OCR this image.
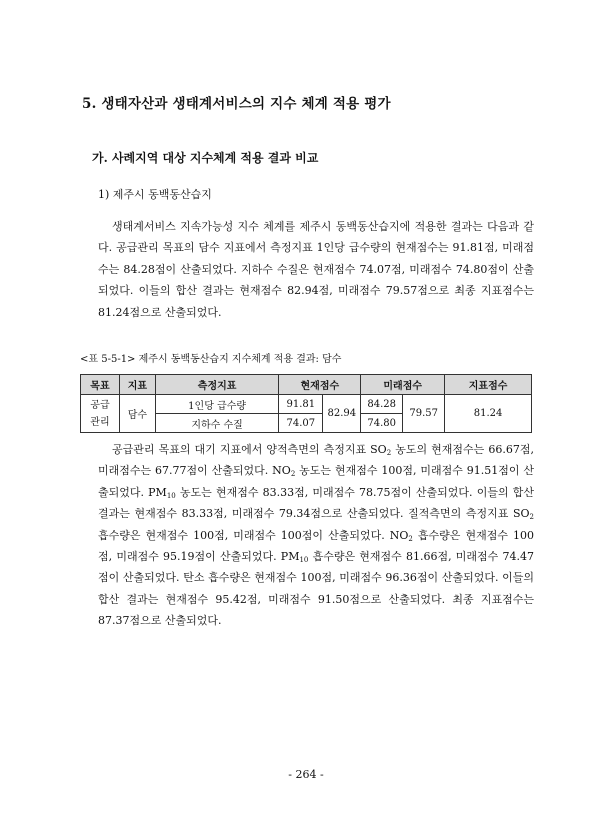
5. 생태자산과 생태계서비스의 지수 체계 적용 평가
가. 사례지역 대상 지수체계 적용 결과 비교
1) 제주시 동백동산습지

생태계서비스 지속가능성 지수 체계를 제주시 동백동산습지에 적용한 결과는 다음과 같다. 공급관리 목표의 담수 지표에서 측정지표 1인당 급수량의 현재점수는 91.81점, 미래점수는 84.28점이 산출되었다. 지하수 수질은 현재점수 74.07점, 미래점수 74.80점이 산출되었다. 이들의 합산 결과는 현재점수 82.94점, 미래점수 79.57점으로 최종 지표점수는 81.24점으로 산출되었다.

<표 5-5-1> 제주시 동백동산습지 지수체계 적용 결과: 담수
목표	지표	측정지표	현재점수		미래점수		지표점수
공급관리	담수	1인당 급수량	91.81	82.94	84.28	79.57	81.24
		지하수 수질	74.07		74.80		

공급관리 목표의 대기 지표에서 양적측면의 측정지표 $SO_2$ 농도의 현재점수는 66.67점, 미래점수는 67.77점이 산출되었다. $NO_2$ 농도는 현재점수 100점, 미래점수 91.51점이 산출되었다. $PM_{10}$ 농도는 현재점수 83.33점, 미래점수 78.75점이 산출되었다. 이들의 합산 결과는 현재점수 83.33점, 미래점수 79.34점으로 산출되었다. 질적측면의 측정지표 $SO_2$ 흡수량은 현재점수 100점, 미래점수 100점이 산출되었다. $NO_2$ 흡수량은 현재점수 100점, 미래점수 95.19점이 산출되었다. $PM_{10}$ 흡수량은 현재점수 81.66점, 미래점수 74.47점이 산출되었다. 탄소 흡수량은 현재점수 100점, 미래점수 96.36점이 산출되었다. 이들의 합산 결과는 현재점수 95.42점, 미래점수 91.50점으로 산출되었다. 최종 지표점수는 87.37점으로 산출되었다.

- 264 -
